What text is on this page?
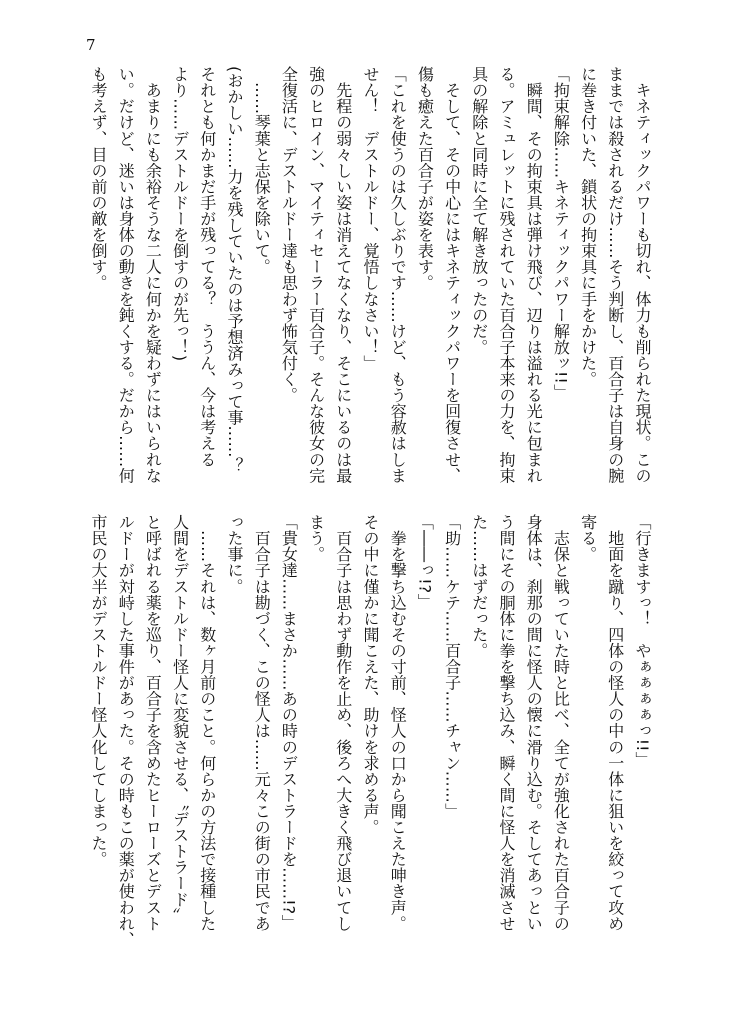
7
　キネティックパワーも切れ、体力も削られた現状。この
ままでは殺されるだけ……そう判断し、百合子は自身の腕
に巻き付いた、鎖状の拘束具に手をかけた。
「拘束解除……キネティックパワー解放ッ!!」
　瞬間、その拘束具は弾け飛び、辺りは溢れる光に包まれ
る。アミュレットに残されていた百合子本来の力を、拘束
具の解除と同時に全て解き放ったのだ。
　そして、その中心にはキネティックパワーを回復させ、
傷も癒えた百合子が姿を表す。
「これを使うのは久しぶりです……けど、もう容赦はしま
せん！　デストルドー、覚悟しなさい！」
　先程の弱々しい姿は消えてなくなり、そこにいるのは最
強のヒロイン、マイティセーラー百合子。そんな彼女の完
全復活に、デストルドー達も思わず怖気付く。
　……琴葉と志保を除いて。
(おかしい……力を残していたのは予想済みって事……？
それとも何かまだ手が残ってる？　ううん、今は考える
より……デストルドーを倒すのが先っ！)
　あまりにも余裕そうな二人に何かを疑わずにはいられな
い。だけど、迷いは身体の動きを鈍くする。だから……何
も考えず、目の前の敵を倒す。
「行きますっ！　やぁぁぁぁっ!!」
　地面を蹴り、四体の怪人の中の一体に狙いを絞って攻め
寄る。
　志保と戦っていた時と比べ、全てが強化された百合子の
身体は、刹那の間に怪人の懐に滑り込む。そしてあっとい
う間にその胴体に拳を撃ち込み、瞬く間に怪人を消滅させ
た……はずだった。
「助……ケテ……百合子……チャン……」
「――っ!?」
　拳を撃ち込むその寸前、怪人の口から聞こえた呻き声。
その中に僅かに聞こえた、助けを求める声。
　百合子は思わず動作を止め、後ろへ大きく飛び退いてし
まう。
「貴女達……まさか……あの時のデストラードを……!?」
　百合子は勘づく、この怪人は……元々この街の市民であ
った事に。
　……それは、数ヶ月前のこと。何らかの方法で接種した
人間をデストルドー怪人に変貌させる、〝デストラード〟
と呼ばれる薬を巡り、百合子を含めたヒーローズとデスト
ルドーが対峙した事件があった。その時もこの薬が使われ、
市民の大半がデストルドー怪人化してしまった。
